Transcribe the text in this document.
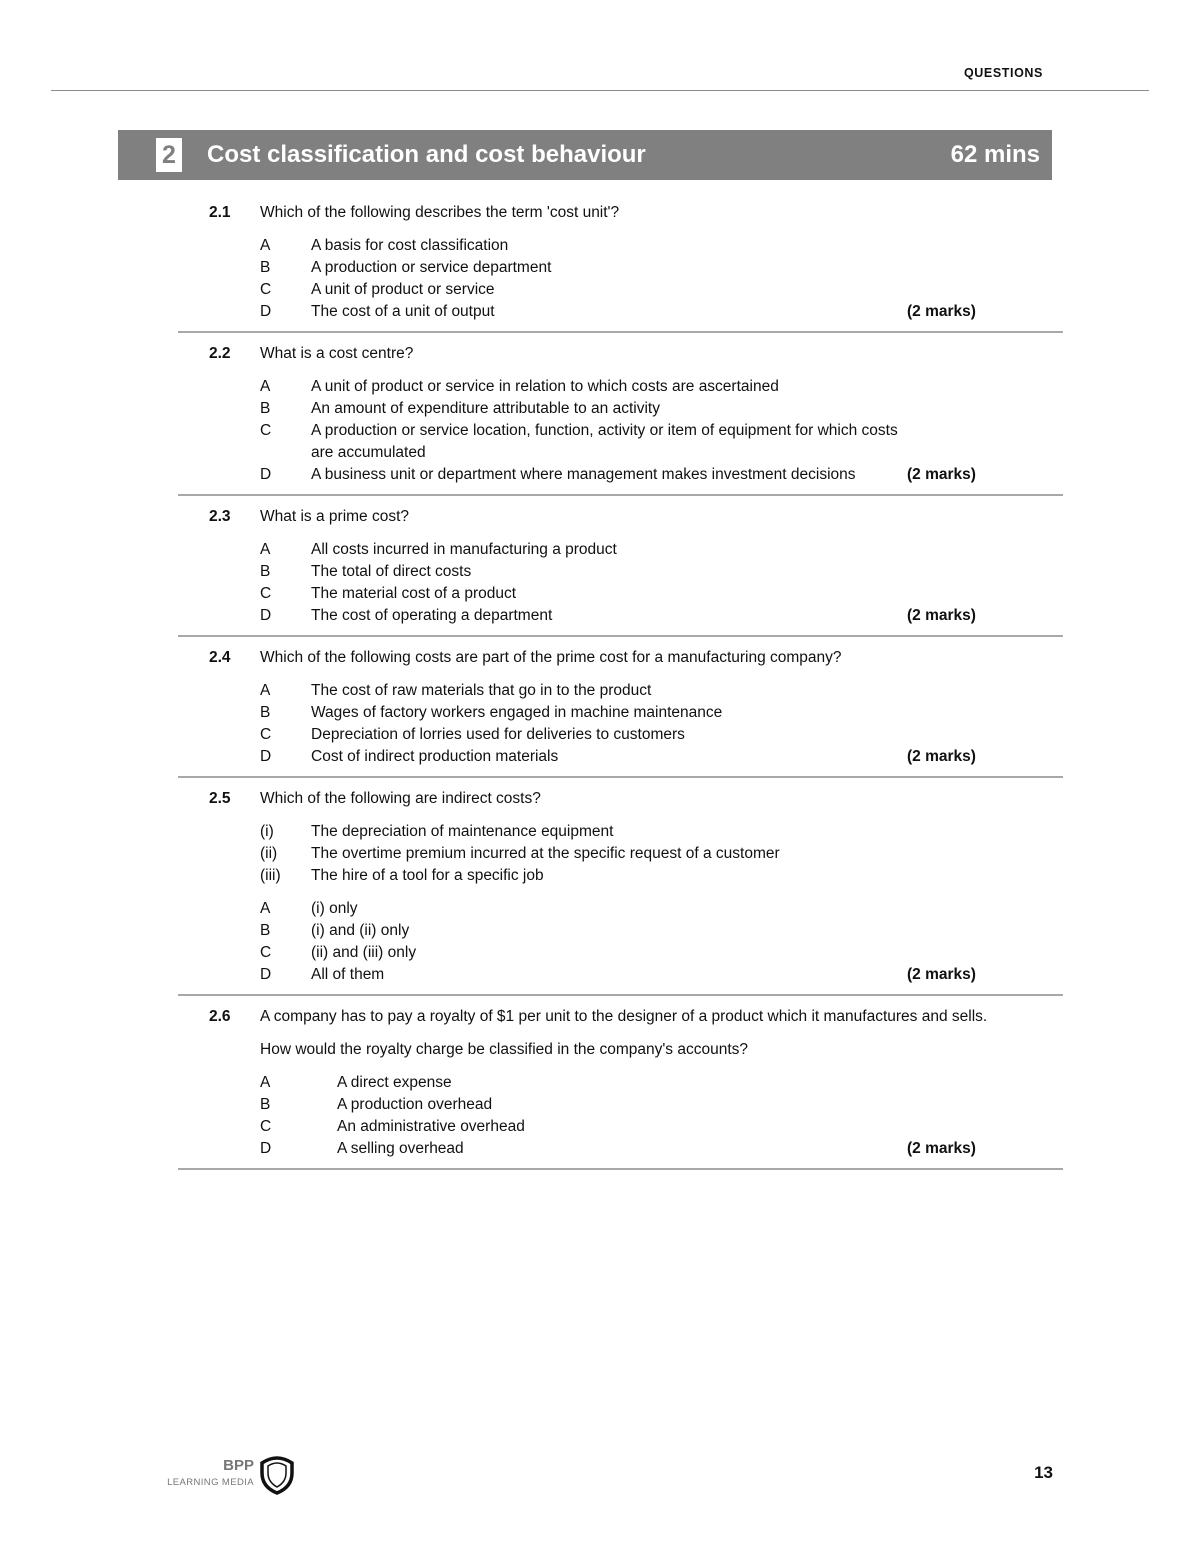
QUESTIONS
2 Cost classification and cost behaviour	62 mins
2.1	Which of the following describes the term 'cost unit'?
A	A basis for cost classification
B	A production or service department
C	A unit of product or service
D	The cost of a unit of output	(2 marks)
2.2	What is a cost centre?
A	A unit of product or service in relation to which costs are ascertained
B	An amount of expenditure attributable to an activity
C	A production or service location, function, activity or item of equipment for which costs are accumulated
D	A business unit or department where management makes investment decisions	(2 marks)
2.3	What is a prime cost?
A	All costs incurred in manufacturing a product
B	The total of direct costs
C	The material cost of a product
D	The cost of operating a department	(2 marks)
2.4	Which of the following costs are part of the prime cost for a manufacturing company?
A	The cost of raw materials that go in to the product
B	Wages of factory workers engaged in machine maintenance
C	Depreciation of lorries used for deliveries to customers
D	Cost of indirect production materials	(2 marks)
2.5	Which of the following are indirect costs?
(i)	The depreciation of maintenance equipment
(ii)	The overtime premium incurred at the specific request of a customer
(iii)	The hire of a tool for a specific job
A	(i) only
B	(i) and (ii) only
C	(ii) and (iii) only
D	All of them	(2 marks)
2.6	A company has to pay a royalty of $1 per unit to the designer of a product which it manufactures and sells.
How would the royalty charge be classified in the company's accounts?
A	A direct expense
B	A production overhead
C	An administrative overhead
D	A selling overhead	(2 marks)
BPP
LEARNING MEDIA
13
